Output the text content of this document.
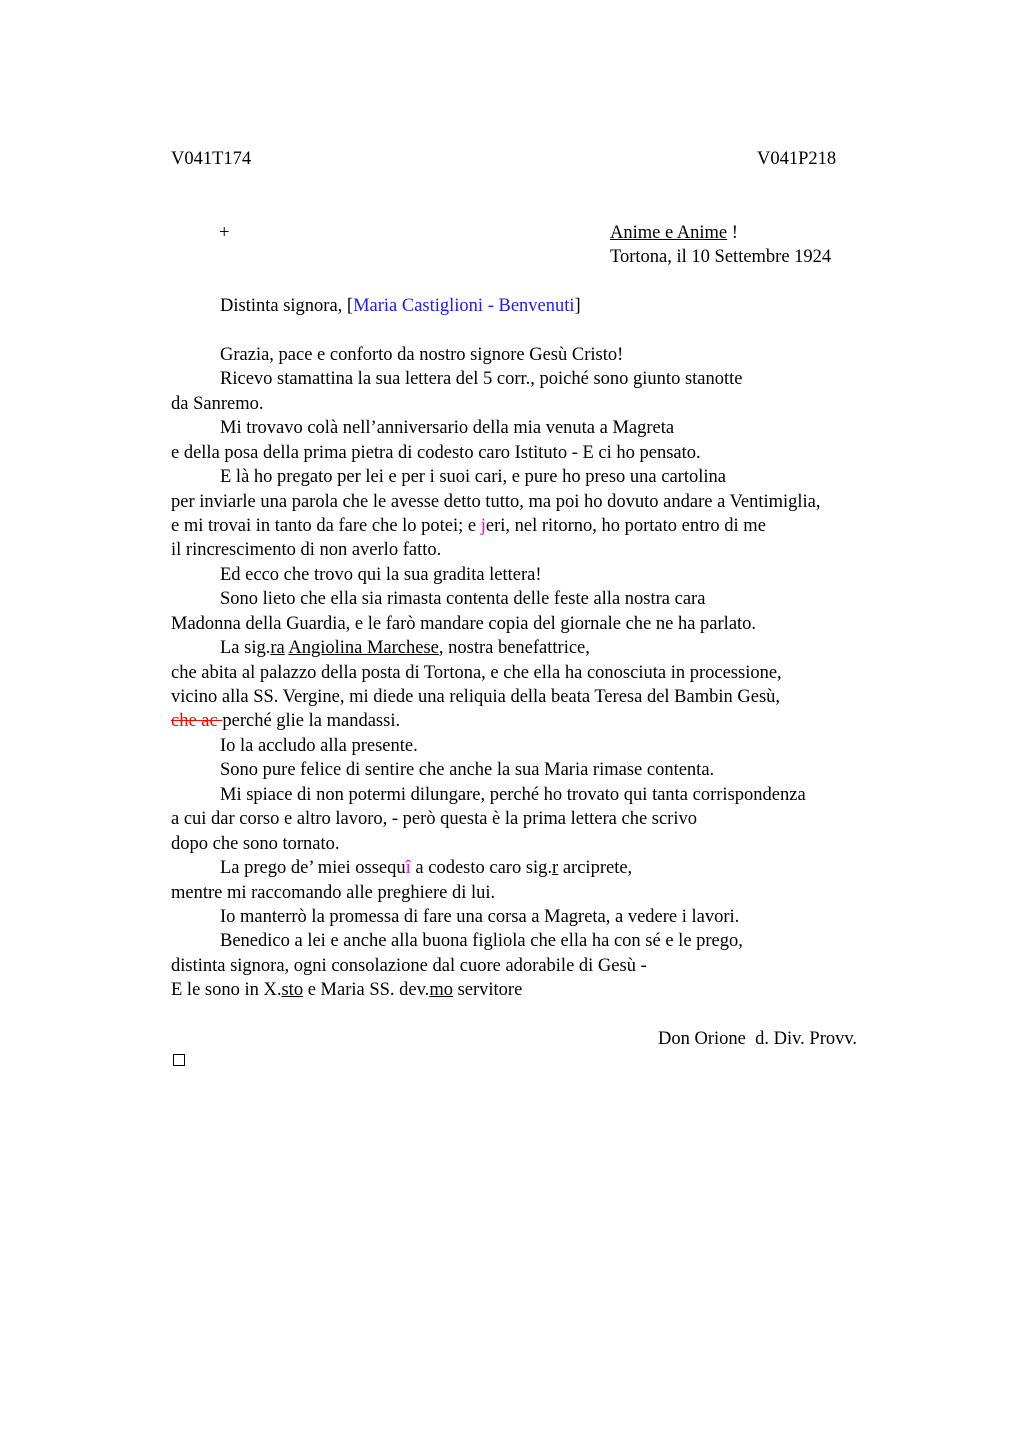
V041T174	V041P218
+	Anime e Anime !
Tortona, il 10 Settembre 1924
Distinta signora, [Maria Castiglioni - Benvenuti]
Grazia, pace e conforto da nostro signore Gesù Cristo!
Ricevo stamattina la sua lettera del 5 corr., poiché sono giunto stanotte
da Sanremo.
Mi trovavo colà nell’anniversario della mia venuta a Magreta
e della posa della prima pietra di codesto caro Istituto - E ci ho pensato.
E là ho pregato per lei e per i suoi cari, e pure ho preso una cartolina
per inviarle una parola che le avesse detto tutto, ma poi ho dovuto andare a Ventimiglia,
e mi trovai in tanto da fare che lo potei; e jeri, nel ritorno, ho portato entro di me
il rincrescimento di non averlo fatto.
Ed ecco che trovo qui la sua gradita lettera!
Sono lieto che ella sia rimasta contenta delle feste alla nostra cara
Madonna della Guardia, e le farò mandare copia del giornale che ne ha parlato.
La sig.ra Angiolina Marchese, nostra benefattrice,
che abita al palazzo della posta di Tortona, e che ella ha conosciuta in processione,
vicino alla SS. Vergine, mi diede una reliquia della beata Teresa del Bambin Gesù,
che ac perché glie la mandassi.
Io la accludo alla presente.
Sono pure felice di sentire che anche la sua Maria rimase contenta.
Mi spiace di non potermi dilungare, perché ho trovato qui tanta corrispondenza
a cui dar corso e altro lavoro, - però questa è la prima lettera che scrivo
dopo che sono tornato.
La prego de’ miei ossequî a codesto caro sig.r arciprete,
mentre mi raccomando alle preghiere di lui.
Io manterrò la promessa di fare una corsa a Magreta, a vedere i lavori.
Benedico a lei e anche alla buona figliola che ella ha con sé e le prego,
distinta signora, ogni consolazione dal cuore adorabile di Gesù -
E le sono in X.sto e Maria SS. dev.mo servitore
Don Orione  d. Div. Provv.
